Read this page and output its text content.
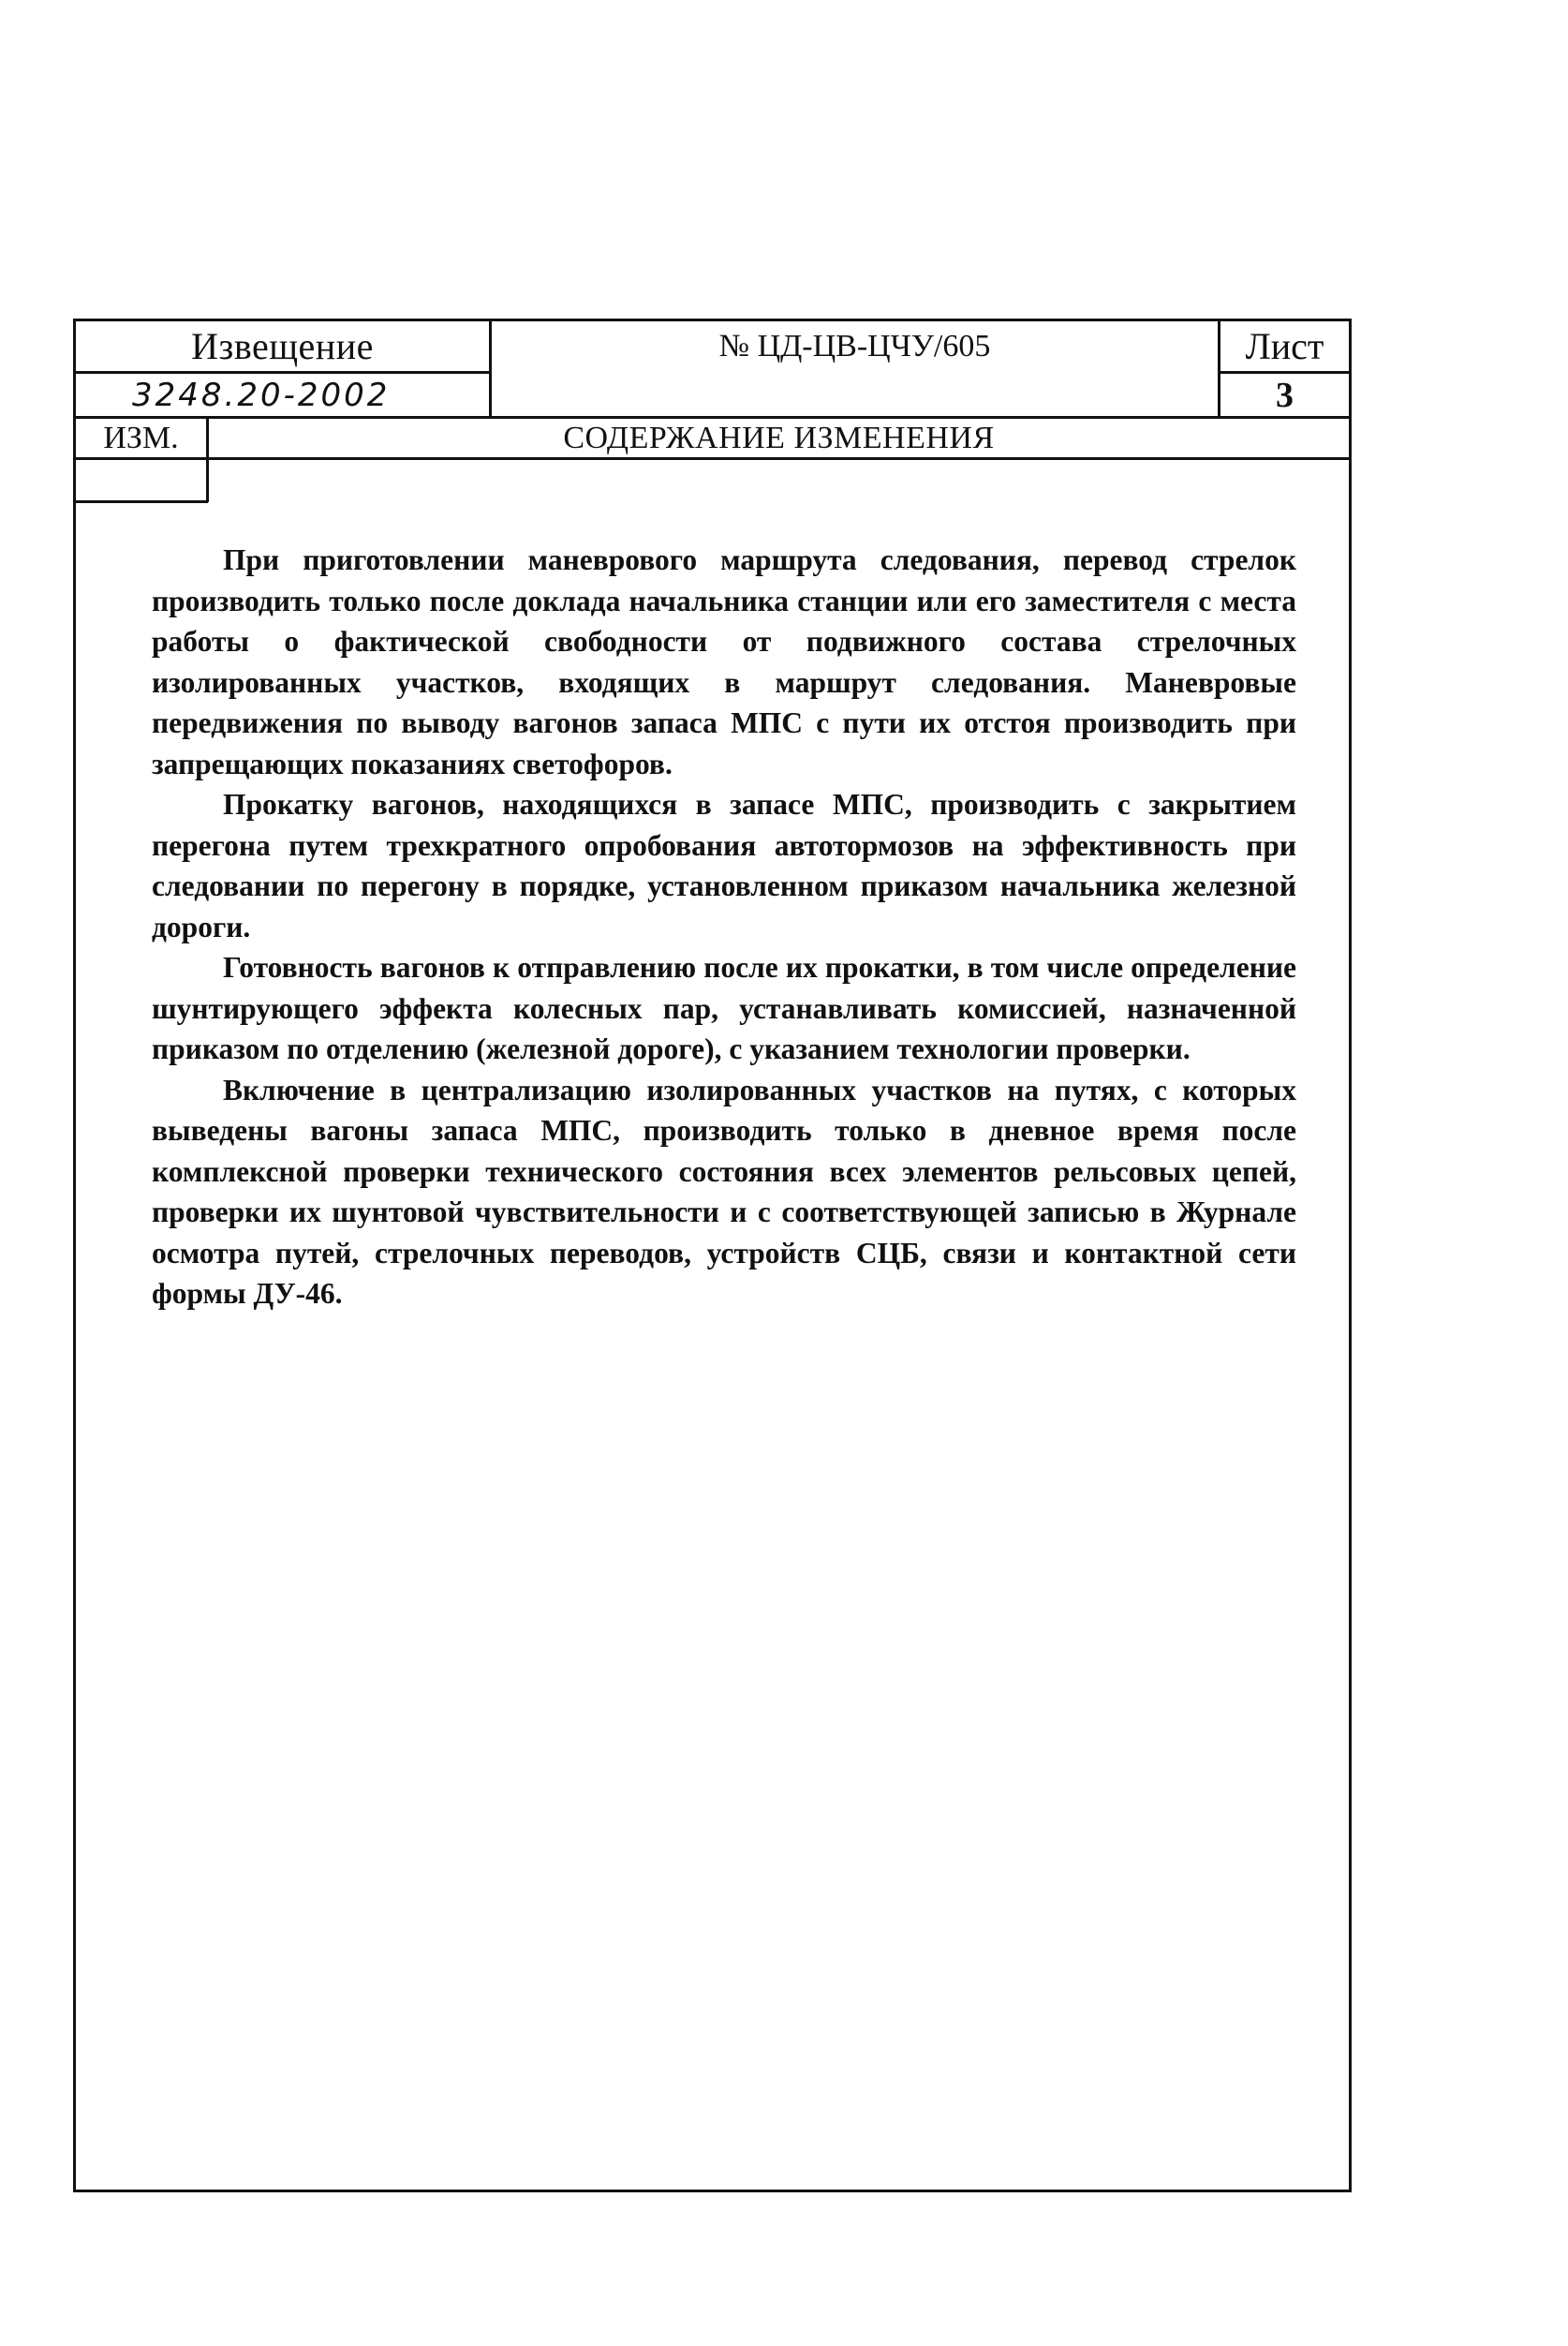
Извещение
3248.20-2002
№ ЦД-ЦВ-ЦЧУ/605	Лист
3
ИЗМ.	СОДЕРЖАНИЕ ИЗМЕНЕНИЯ

При приготовлении маневрового маршрута следования, перевод стрелок производить только после доклада начальника станции или его заместителя с места работы о фактической свободности от подвижного состава стрелочных изолированных участков, входящих в маршрут следования. Маневровые передвижения по выводу вагонов запаса МПС с пути их отстоя производить при запрещающих показаниях светофоров.

Прокатку вагонов, находящихся в запасе МПС, производить с закрытием перегона путем трехкратного опробования автотормозов на эффективность при следовании по перегону в порядке, установленном приказом начальника железной дороги.

Готовность вагонов к отправлению после их прокатки, в том числе определение шунтирующего эффекта колесных пар, устанавливать комиссией, назначенной приказом по отделению (железной дороге), с указанием технологии проверки.

Включение в централизацию изолированных участков на путях, с которых выведены вагоны запаса МПС, производить только в дневное время после комплексной проверки технического состояния всех элементов рельсовых цепей, проверки их шунтовой чувствительности и с соответствующей записью в Журнале осмотра путей, стрелочных переводов, устройств СЦБ, связи и контактной сети формы ДУ-46.
